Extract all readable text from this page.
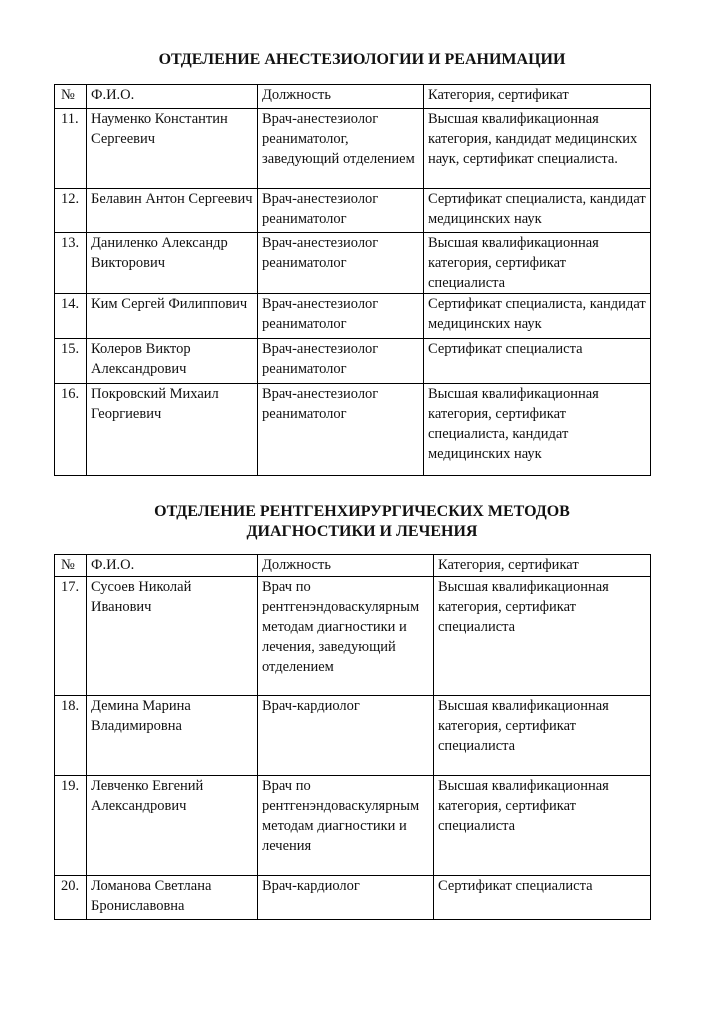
ОТДЕЛЕНИЕ АНЕСТЕЗИОЛОГИИ И РЕАНИМАЦИИ
№	Ф.И.О.	Должность	Категория, сертификат
11.	Науменко Константин Сергеевич	Врач-анестезиолог реаниматолог, заведующий отделением	Высшая квалификационная категория, кандидат медицинских наук, сертификат специалиста.
12.	Белавин Антон Сергеевич	Врач-анестезиолог реаниматолог	Сертификат специалиста, кандидат медицинских наук
13.	Даниленко Александр Викторович	Врач-анестезиолог реаниматолог	Высшая квалификационная категория, сертификат специалиста
14.	Ким Сергей Филиппович	Врач-анестезиолог реаниматолог	Сертификат специалиста, кандидат медицинских наук
15.	Колеров Виктор Александрович	Врач-анестезиолог реаниматолог	Сертификат специалиста
16.	Покровский Михаил Георгиевич	Врач-анестезиолог реаниматолог	Высшая квалификационная категория, сертификат специалиста, кандидат медицинских наук
ОТДЕЛЕНИЕ РЕНТГЕНХИРУРГИЧЕСКИХ МЕТОДОВ
ДИАГНОСТИКИ И ЛЕЧЕНИЯ
№	Ф.И.О.	Должность	Категория, сертификат
17.	Сусоев Николай Иванович	Врач по рентгенэндоваскулярным методам диагностики и лечения, заведующий отделением	Высшая квалификационная категория, сертификат специалиста
18.	Демина Марина Владимировна	Врач-кардиолог	Высшая квалификационная категория, сертификат специалиста
19.	Левченко Евгений Александрович	Врач по рентгенэндоваскулярным методам диагностики и лечения	Высшая квалификационная категория, сертификат специалиста
20.	Ломанова Светлана Брониславовна	Врач-кардиолог	Сертификат специалиста
